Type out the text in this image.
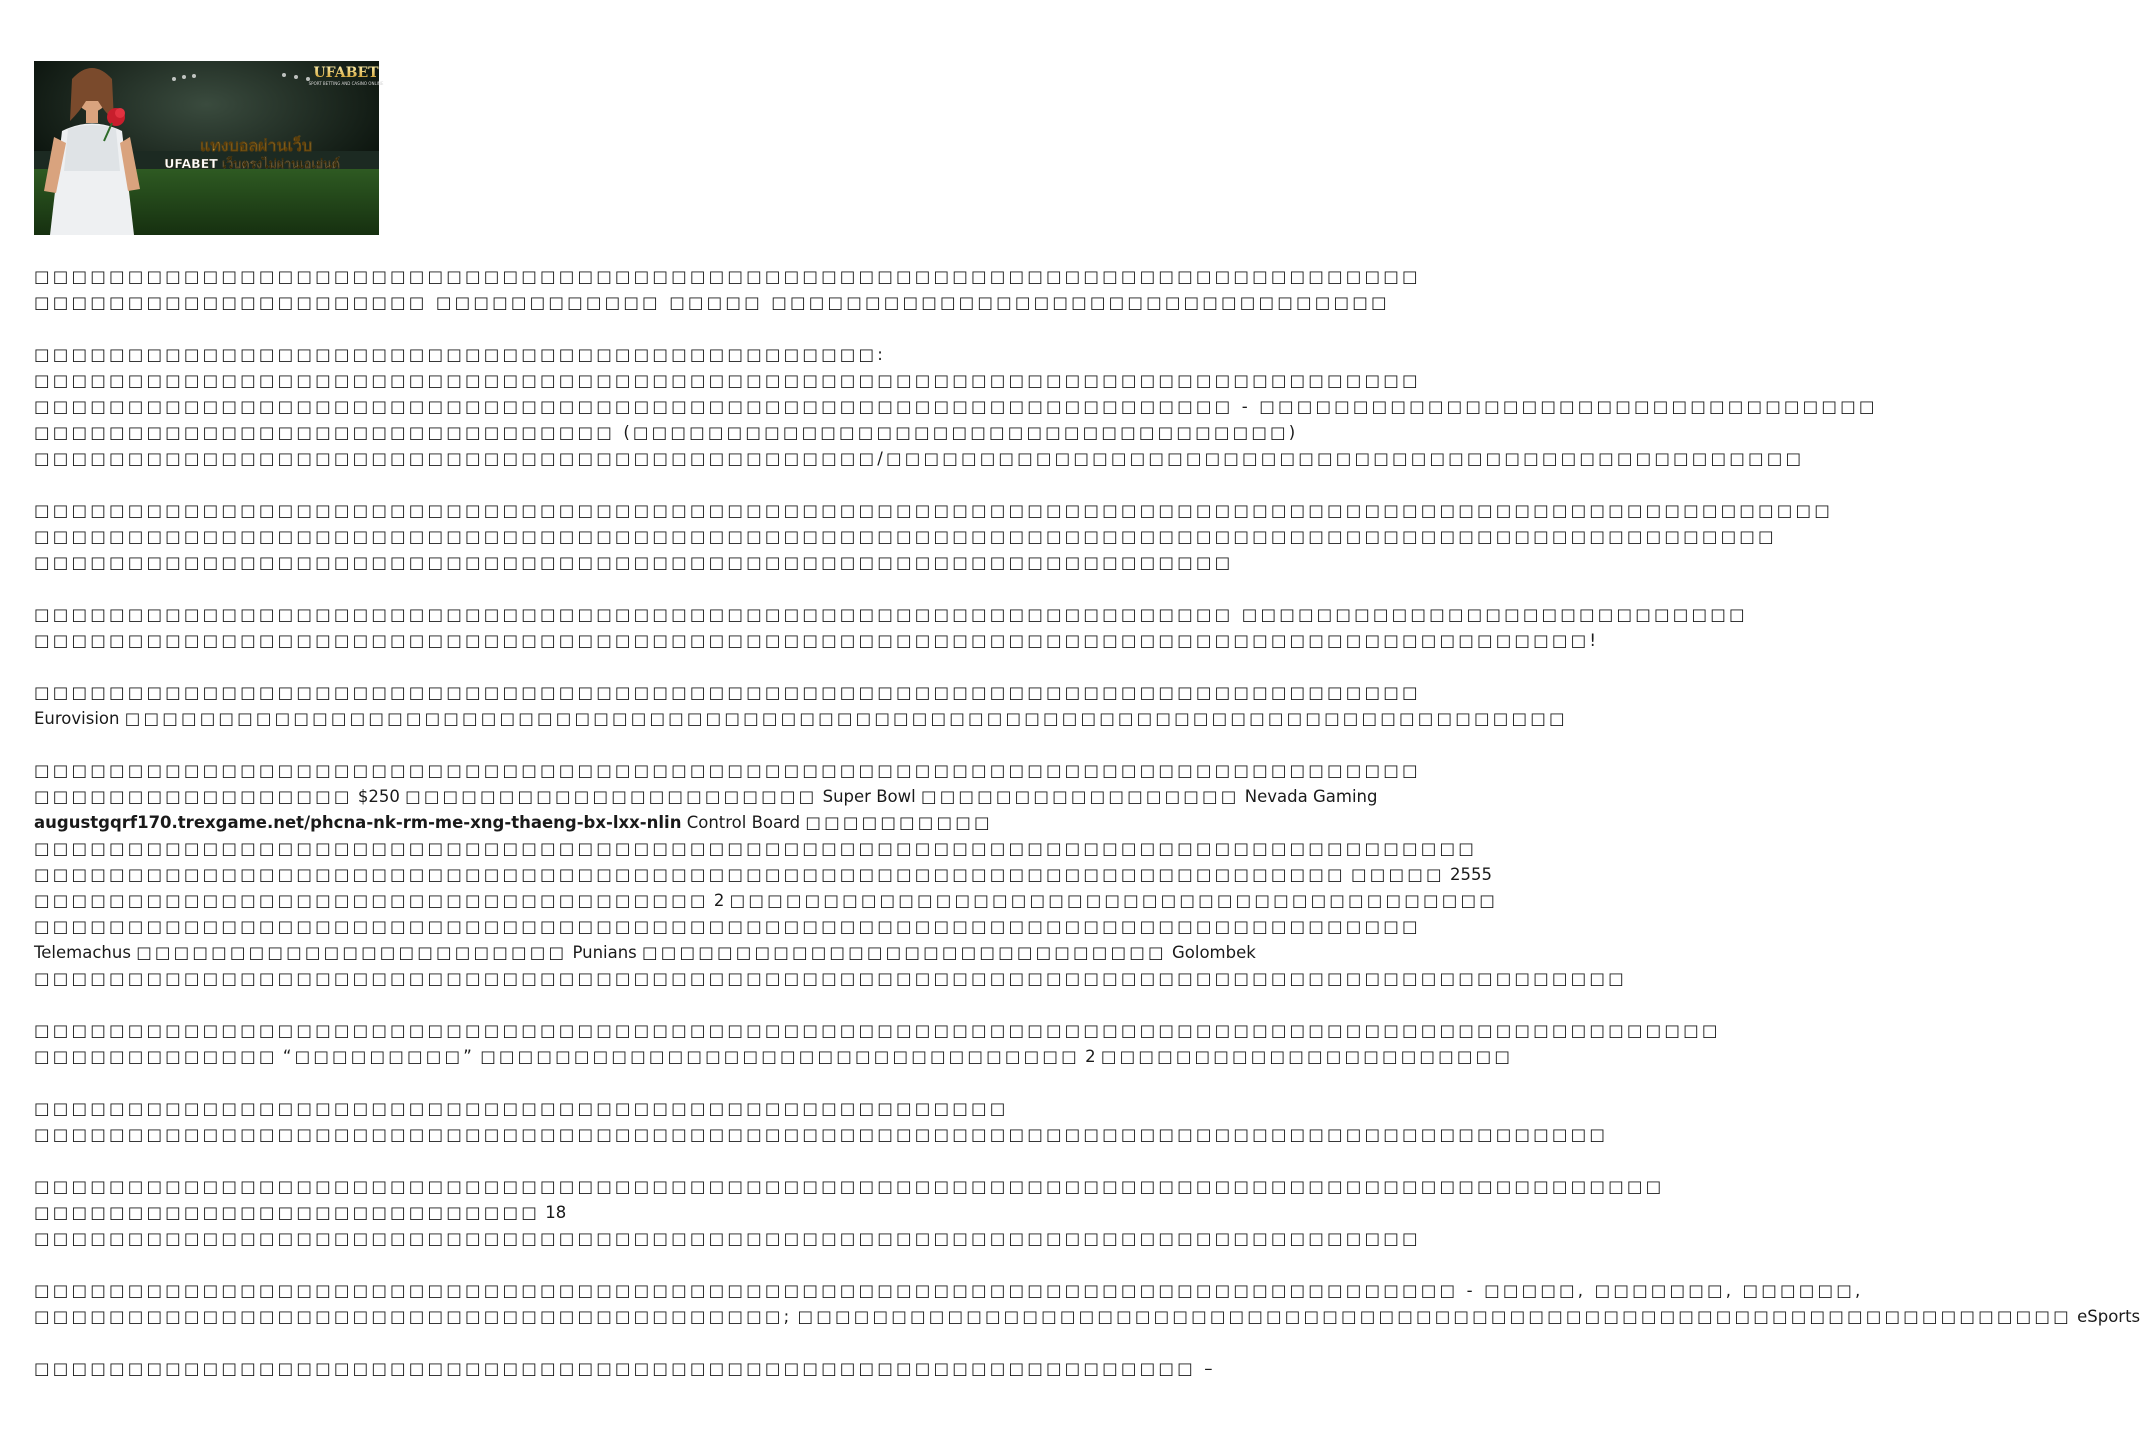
UFABET
SPORT BETTING AND CASINO ONLINE
แทงบอลผ่านเว็บ
UFABET เว็บตรงไม่ผ่านเอเย่นต์

□□□□□□□□□□□□□□□□□□□□□□□□□□□□□□□□□□□□□□□□□□□□□□□□□□□□□□□□□□□□□□□□□□□□□□□□□□
□□□□□□□□□□□□□□□□□□□□□ □□□□□□□□□□□□ □□□□□ □□□□□□□□□□□□□□□□□□□□□□□□□□□□□□□□□

□□□□□□□□□□□□□□□□□□□□□□□□□□□□□□□□□□□□□□□□□□□□□:
□□□□□□□□□□□□□□□□□□□□□□□□□□□□□□□□□□□□□□□□□□□□□□□□□□□□□□□□□□□□□□□□□□□□□□□□□□
□□□□□□□□□□□□□□□□□□□□□□□□□□□□□□□□□□□□□□□□□□□□□□□□□□□□□□□□□□□□□□□□ - □□□□□□□□□□□□□□□□□□□□□□□□□□□□□□□□□
□□□□□□□□□□□□□□□□□□□□□□□□□□□□□□□ (□□□□□□□□□□□□□□□□□□□□□□□□□□□□□□□□□□□)
□□□□□□□□□□□□□□□□□□□□□□□□□□□□□□□□□□□□□□□□□□□□□/□□□□□□□□□□□□□□□□□□□□□□□□□□□□□□□□□□□□□□□□□□□□□□□□□

□□□□□□□□□□□□□□□□□□□□□□□□□□□□□□□□□□□□□□□□□□□□□□□□□□□□□□□□□□□□□□□□□□□□□□□□□□□□□□□□□□□□□□□□□□□□□□□□
□□□□□□□□□□□□□□□□□□□□□□□□□□□□□□□□□□□□□□□□□□□□□□□□□□□□□□□□□□□□□□□□□□□□□□□□□□□□□□□□□□□□□□□□□□□□□
□□□□□□□□□□□□□□□□□□□□□□□□□□□□□□□□□□□□□□□□□□□□□□□□□□□□□□□□□□□□□□□□

□□□□□□□□□□□□□□□□□□□□□□□□□□□□□□□□□□□□□□□□□□□□□□□□□□□□□□□□□□□□□□□□ □□□□□□□□□□□□□□□□□□□□□□□□□□□
□□□□□□□□□□□□□□□□□□□□□□□□□□□□□□□□□□□□□□□□□□□□□□□□□□□□□□□□□□□□□□□□□□□□□□□□□□□□□□□□□□□!

□□□□□□□□□□□□□□□□□□□□□□□□□□□□□□□□□□□□□□□□□□□□□□□□□□□□□□□□□□□□□□□□□□□□□□□□□□
Eurovision □□□□□□□□□□□□□□□□□□□□□□□□□□□□□□□□□□□□□□□□□□□□□□□□□□□□□□□□□□□□□□□□□□□□□□□□□□□□□

□□□□□□□□□□□□□□□□□□□□□□□□□□□□□□□□□□□□□□□□□□□□□□□□□□□□□□□□□□□□□□□□□□□□□□□□□□
□□□□□□□□□□□□□□□□□ $250 □□□□□□□□□□□□□□□□□□□□□□ Super Bowl □□□□□□□□□□□□□□□□□ Nevada Gaming
augustgqrf170.trexgame.net/phcna-nk-rm-me-xng-thaeng-bx-lxx-nlin Control Board □□□□□□□□□□
□□□□□□□□□□□□□□□□□□□□□□□□□□□□□□□□□□□□□□□□□□□□□□□□□□□□□□□□□□□□□□□□□□□□□□□□□□□□□
□□□□□□□□□□□□□□□□□□□□□□□□□□□□□□□□□□□□□□□□□□□□□□□□□□□□□□□□□□□□□□□□□□□□□□ □□□□□ 2555
□□□□□□□□□□□□□□□□□□□□□□□□□□□□□□□□□□□□ 2 □□□□□□□□□□□□□□□□□□□□□□□□□□□□□□□□□□□□□□□□□
□□□□□□□□□□□□□□□□□□□□□□□□□□□□□□□□□□□□□□□□□□□□□□□□□□□□□□□□□□□□□□□□□□□□□□□□□□
Telemachus □□□□□□□□□□□□□□□□□□□□□□□ Punians □□□□□□□□□□□□□□□□□□□□□□□□□□□□ Golombek
□□□□□□□□□□□□□□□□□□□□□□□□□□□□□□□□□□□□□□□□□□□□□□□□□□□□□□□□□□□□□□□□□□□□□□□□□□□□□□□□□□□□□

□□□□□□□□□□□□□□□□□□□□□□□□□□□□□□□□□□□□□□□□□□□□□□□□□□□□□□□□□□□□□□□□□□□□□□□□□□□□□□□□□□□□□□□□□□
□□□□□□□□□□□□□ “□□□□□□□□□” □□□□□□□□□□□□□□□□□□□□□□□□□□□□□□□□ 2 □□□□□□□□□□□□□□□□□□□□□□

□□□□□□□□□□□□□□□□□□□□□□□□□□□□□□□□□□□□□□□□□□□□□□□□□□□□
□□□□□□□□□□□□□□□□□□□□□□□□□□□□□□□□□□□□□□□□□□□□□□□□□□□□□□□□□□□□□□□□□□□□□□□□□□□□□□□□□□□□

□□□□□□□□□□□□□□□□□□□□□□□□□□□□□□□□□□□□□□□□□□□□□□□□□□□□□□□□□□□□□□□□□□□□□□□□□□□□□□□□□□□□□□□
□□□□□□□□□□□□□□□□□□□□□□□□□□□ 18
□□□□□□□□□□□□□□□□□□□□□□□□□□□□□□□□□□□□□□□□□□□□□□□□□□□□□□□□□□□□□□□□□□□□□□□□□□

□□□□□□□□□□□□□□□□□□□□□□□□□□□□□□□□□□□□□□□□□□□□□□□□□□□□□□□□□□□□□□□□□□□□□□□□□□□□ - □□□□□, □□□□□□□, □□□□□□,
□□□□□□□□□□□□□□□□□□□□□□□□□□□□□□□□□□□□□□□□; □□□□□□□□□□□□□□□□□□□□□□□□□□□□□□□□□□□□□□□□□□□□□□□□□□□□□□□□□□□□□□□□□□□□ eSports

□□□□□□□□□□□□□□□□□□□□□□□□□□□□□□□□□□□□□□□□□□□□□□□□□□□□□□□□□□□□□□ –
